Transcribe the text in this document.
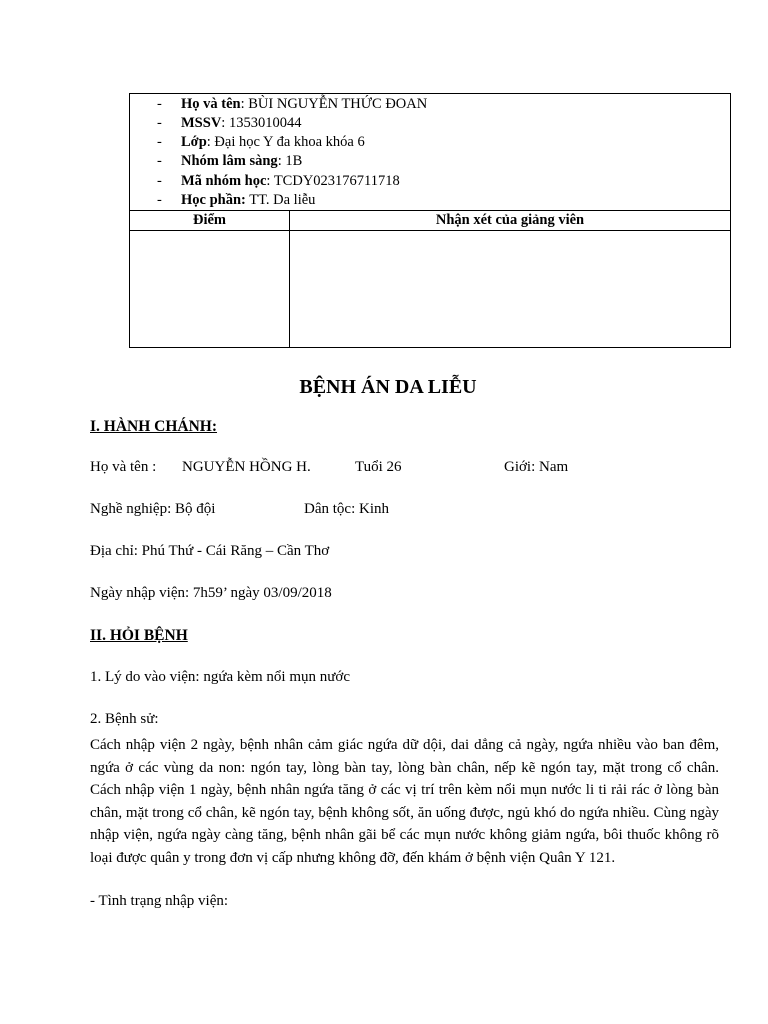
- Họ và tên: BÙI NGUYỄN THỨC ĐOAN
- MSSV: 1353010044
- Lớp: Đại học Y đa khoa khóa 6
- Nhóm lâm sàng: 1B
- Mã nhóm học: TCDY023176711718
- Học phần: TT. Da liễu
Điểm	Nhận xét của giảng viên
BỆNH ÁN DA LIỄU
I. HÀNH CHÁNH:
Họ và tên : NGUYỄN HỒNG H.	Tuổi 26	Giới: Nam
Nghề nghiệp: Bộ đội	Dân tộc: Kinh
Địa chỉ: Phú Thứ - Cái Răng – Cần Thơ
Ngày nhập viện: 7h59’ ngày 03/09/2018
II. HỎI BỆNH
1. Lý do vào viện: ngứa kèm nổi mụn nước
2. Bệnh sử:
Cách nhập viện 2 ngày, bệnh nhân cảm giác ngứa dữ dội, dai dẳng cả ngày, ngứa nhiều vào ban đêm, ngứa ở các vùng da non: ngón tay, lòng bàn tay, lòng bàn chân, nếp kẽ ngón tay, mặt trong cổ chân. Cách nhập viện 1 ngày, bệnh nhân ngứa tăng ở các vị trí trên kèm nổi mụn nước li ti rải rác ở lòng bàn chân, mặt trong cổ chân, kẽ ngón tay, bệnh không sốt, ăn uống được, ngủ khó do ngứa nhiều. Cùng ngày nhập viện, ngứa ngày càng tăng, bệnh nhân gãi bể các mụn nước không giảm ngứa, bôi thuốc không rõ loại được quân y trong đơn vị cấp nhưng không đỡ, đến khám ở bệnh viện Quân Y 121.
- Tình trạng nhập viện:
